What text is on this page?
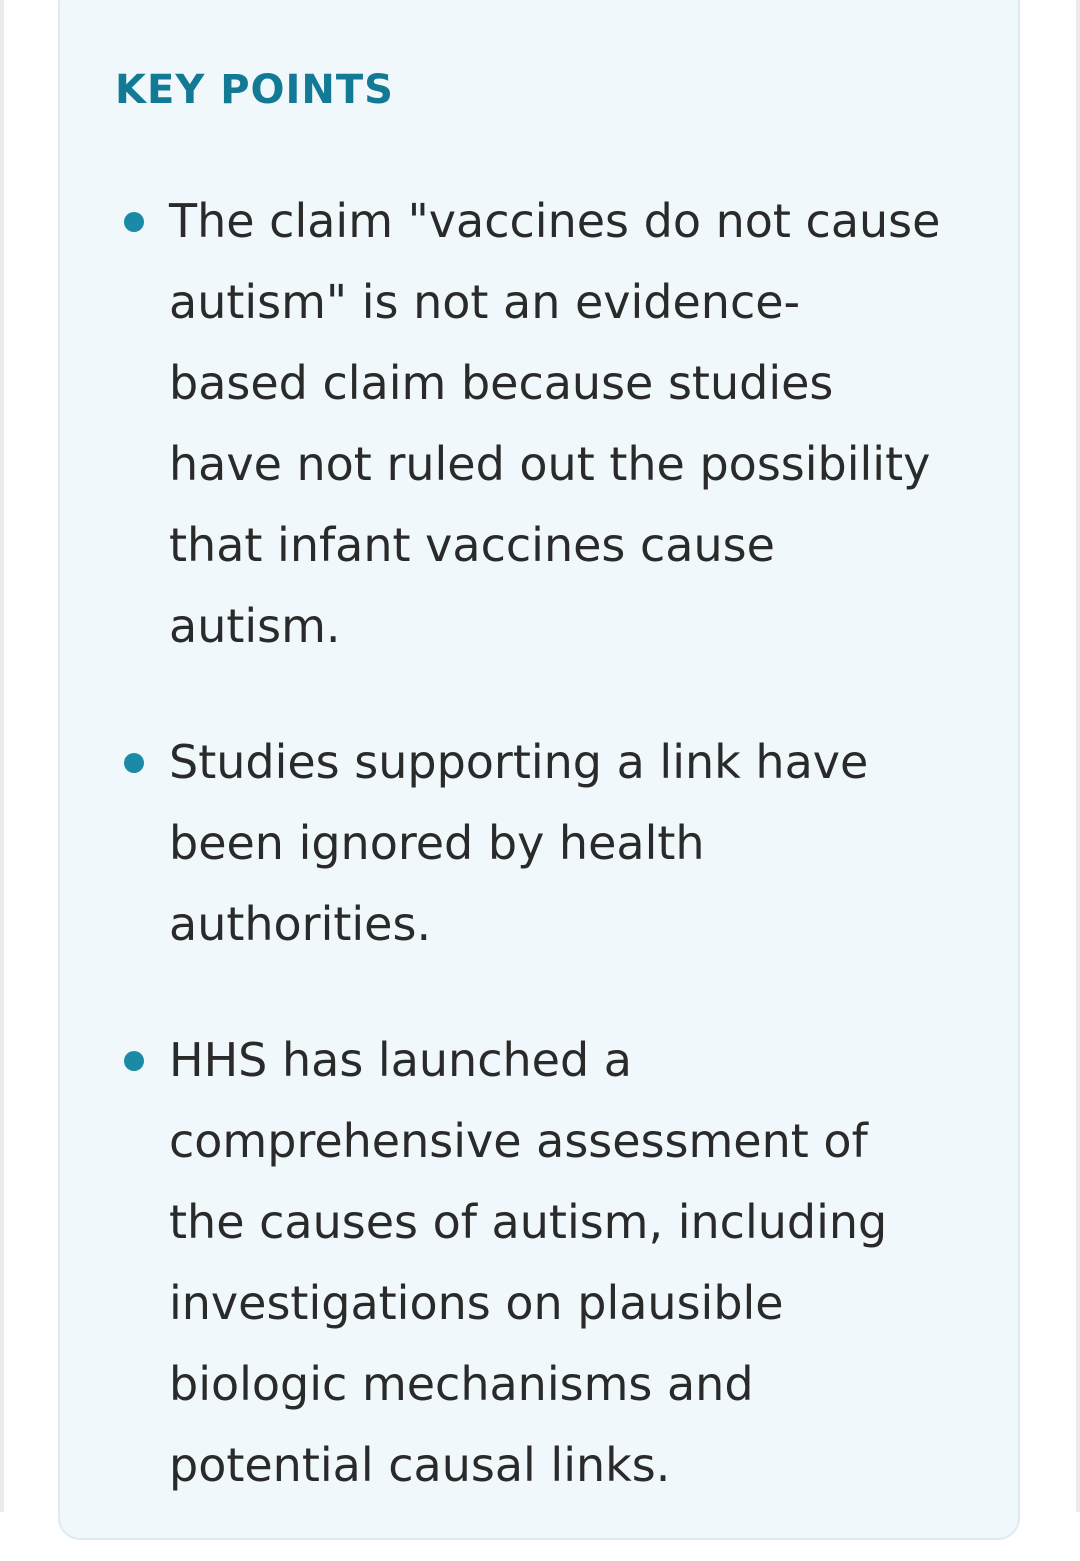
KEY POINTS
The claim "vaccines do not cause
autism" is not an evidence-
based claim because studies
have not ruled out the possibility
that infant vaccines cause
autism.
Studies supporting a link have
been ignored by health
authorities.
HHS has launched a
comprehensive assessment of
the causes of autism, including
investigations on plausible
biologic mechanisms and
potential causal links.
